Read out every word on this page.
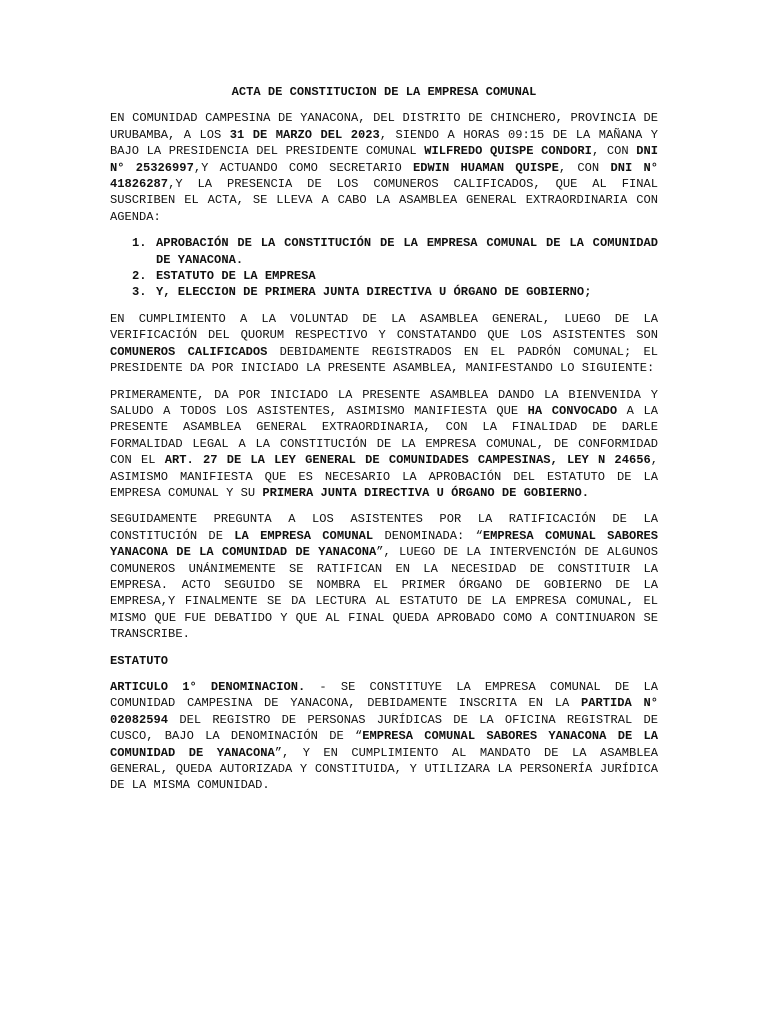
ACTA DE CONSTITUCION DE LA EMPRESA COMUNAL

EN COMUNIDAD CAMPESINA DE YANACONA, DEL DISTRITO DE CHINCHERO, PROVINCIA DE URUBAMBA, A LOS 31 DE MARZO DEL 2023, SIENDO A HORAS 09:15 DE LA MAÑANA Y BAJO LA PRESIDENCIA DEL PRESIDENTE COMUNAL WILFREDO QUISPE CONDORI, CON DNI N° 25326997,Y ACTUANDO COMO SECRETARIO EDWIN HUAMAN QUISPE, CON DNI N° 41826287,Y LA PRESENCIA DE LOS COMUNEROS CALIFICADOS, QUE AL FINAL SUSCRIBEN EL ACTA, SE LLEVA A CABO LA ASAMBLEA GENERAL EXTRAORDINARIA CON AGENDA:

1. APROBACIÓN DE LA CONSTITUCIÓN DE LA EMPRESA COMUNAL DE LA COMUNIDAD DE YANACONA.
2. ESTATUTO DE LA EMPRESA
3. Y, ELECCION DE PRIMERA JUNTA DIRECTIVA U ÓRGANO DE GOBIERNO;

EN CUMPLIMIENTO A LA VOLUNTAD DE LA ASAMBLEA GENERAL, LUEGO DE LA VERIFICACIÓN DEL QUORUM RESPECTIVO Y CONSTATANDO QUE LOS ASISTENTES SON COMUNEROS CALIFICADOS DEBIDAMENTE REGISTRADOS EN EL PADRÓN COMUNAL; EL PRESIDENTE DA POR INICIADO LA PRESENTE ASAMBLEA, MANIFESTANDO LO SIGUIENTE:

PRIMERAMENTE, DA POR INICIADO LA PRESENTE ASAMBLEA DANDO LA BIENVENIDA Y SALUDO A TODOS LOS ASISTENTES, ASIMISMO MANIFIESTA QUE HA CONVOCADO A LA PRESENTE ASAMBLEA GENERAL EXTRAORDINARIA, CON LA FINALIDAD DE DARLE FORMALIDAD LEGAL A LA CONSTITUCIÓN DE LA EMPRESA COMUNAL, DE CONFORMIDAD CON EL ART. 27 DE LA LEY GENERAL DE COMUNIDADES CAMPESINAS, LEY N 24656, ASIMISMO MANIFIESTA QUE ES NECESARIO LA APROBACIÓN DEL ESTATUTO DE LA EMPRESA COMUNAL Y SU PRIMERA JUNTA DIRECTIVA U ÓRGANO DE GOBIERNO.

SEGUIDAMENTE PREGUNTA A LOS ASISTENTES POR LA RATIFICACIÓN DE LA CONSTITUCIÓN DE LA EMPRESA COMUNAL DENOMINADA: “EMPRESA COMUNAL SABORES YANACONA DE LA COMUNIDAD DE YANACONA”, LUEGO DE LA INTERVENCIÓN DE ALGUNOS COMUNEROS UNÁNIMEMENTE SE RATIFICAN EN LA NECESIDAD DE CONSTITUIR LA EMPRESA. ACTO SEGUIDO SE NOMBRA EL PRIMER ÓRGANO DE GOBIERNO DE LA EMPRESA,Y FINALMENTE SE DA LECTURA AL ESTATUTO DE LA EMPRESA COMUNAL, EL MISMO QUE FUE DEBATIDO Y QUE AL FINAL QUEDA APROBADO COMO A CONTINUARON SE TRANSCRIBE.

ESTATUTO

ARTICULO 1° DENOMINACION. - SE CONSTITUYE LA EMPRESA COMUNAL DE LA COMUNIDAD CAMPESINA DE YANACONA, DEBIDAMENTE INSCRITA EN LA PARTIDA N° 02082594 DEL REGISTRO DE PERSONAS JURÍDICAS DE LA OFICINA REGISTRAL DE CUSCO, BAJO LA DENOMINACIÓN DE “EMPRESA COMUNAL SABORES YANACONA DE LA COMUNIDAD DE YANACONA”, Y EN CUMPLIMIENTO AL MANDATO DE LA ASAMBLEA GENERAL, QUEDA AUTORIZADA Y CONSTITUIDA, Y UTILIZARA LA PERSONERÍA JURÍDICA DE LA MISMA COMUNIDAD.
